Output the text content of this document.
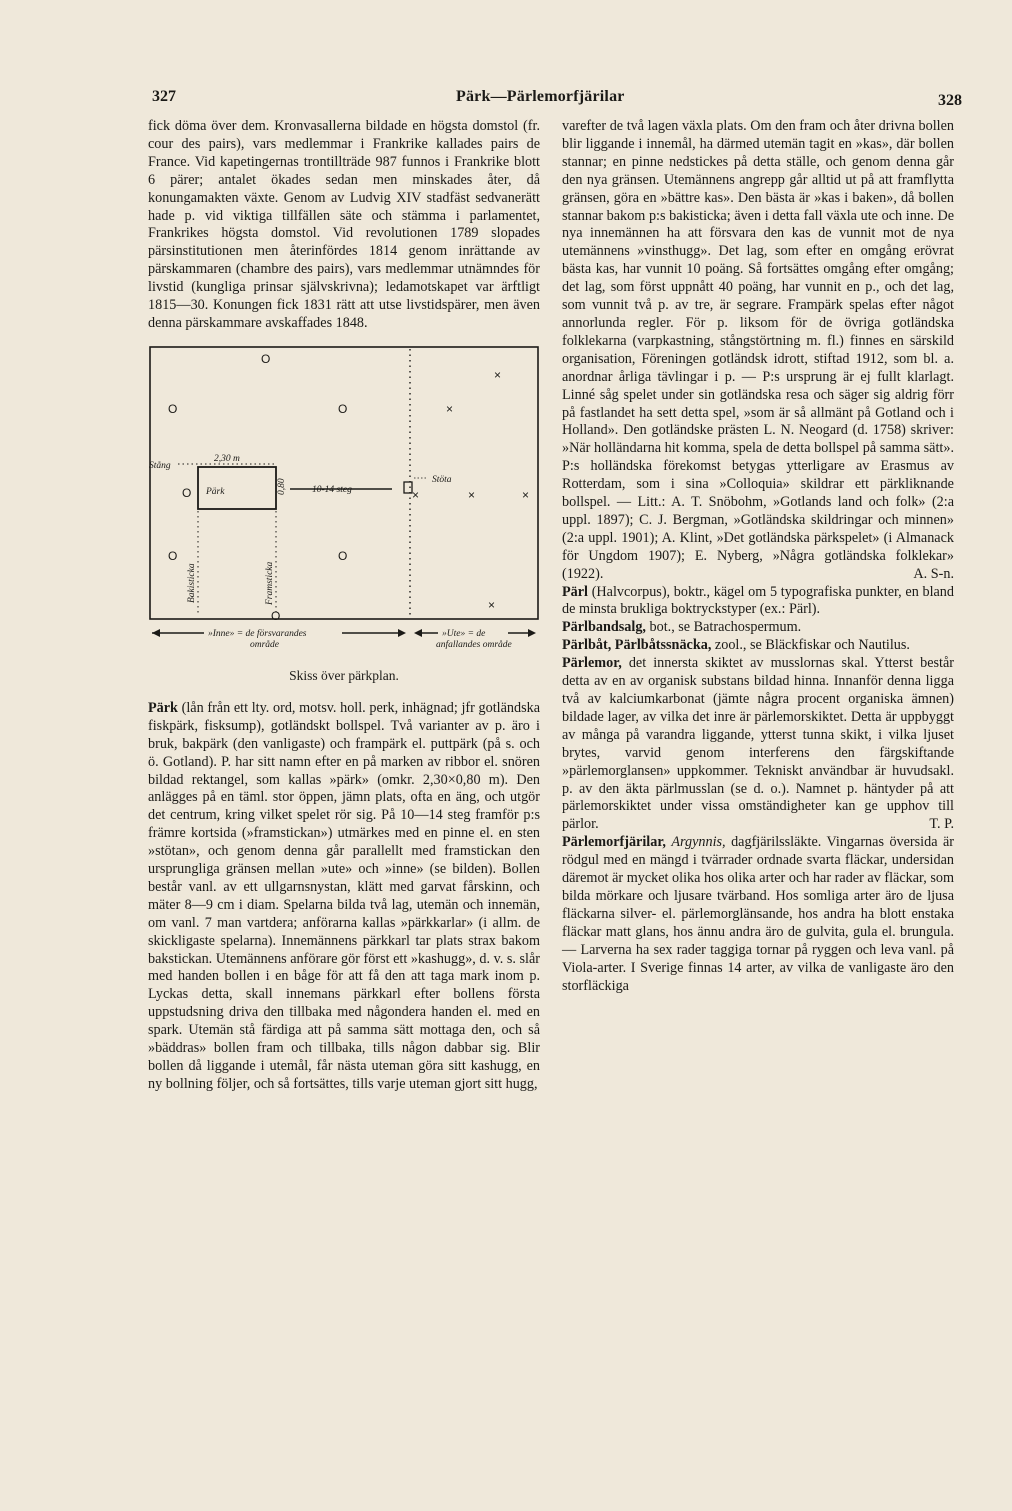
327	Pärk—Pärlemorfjärilar	328

fick döma över dem. Kronvasallerna bildade en högsta domstol (fr. cour des pairs), vars medlemmar i Frankrike kallades pairs de France. Vid kapetingernas trontillträde 987 funnos i Frankrike blott 6 pärer; antalet ökades sedan men minskades åter, då konungamakten växte. Genom av Ludvig XIV stadfäst sedvanerätt hade p. vid viktiga tillfällen säte och stämma i parlamentet, Frankrikes högsta domstol. Vid revolutionen 1789 slopades pärsinstitutionen men återinfördes 1814 genom inrättande av pärskammaren (chambre des pairs), vars medlemmar utnämndes för livstid (kungliga prinsar självskrivna); ledamotskapet var ärftligt 1815—30. Konungen fick 1831 rätt att utse livstidspärer, men även denna pärskammare avskaffades 1848.

Stång
2,30 m
0,80
Pärk	10-14 steg
Stöta
Bakisticka	Framsticka
O
O	O
O
O	O
O
×
×
×	×	×
×
»Inne» = de försvarandes
område
»Ute» = de
anfallandes område
Skiss över pärkplan.

Pärk (lån från ett lty. ord, motsv. holl. perk, inhägnad; jfr gotländska fiskpärk, fisksump), gotländskt bollspel. Två varianter av p. äro i bruk, bakpärk (den vanligaste) och frampärk el. puttpärk (på s. och ö. Gotland). P. har sitt namn efter en på marken av ribbor el. snören bildad rektangel, som kallas »pärk» (omkr. 2,30×0,80 m). Den anlägges på en täml. stor öppen, jämn plats, ofta en äng, och utgör det centrum, kring vilket spelet rör sig. På 10—14 steg framför p:s främre kortsida (»framstickan») utmärkes med en pinne el. en sten »stötan», och genom denna går parallellt med framstickan den ursprungliga gränsen mellan »ute» och »inne» (se bilden). Bollen består vanl. av ett ullgarnsnystan, klätt med garvat fårskinn, och mäter 8—9 cm i diam. Spelarna bilda två lag, utemän och innemän, om vanl. 7 man vartdera; anförarna kallas »pärkkarlar» (i allm. de skickligaste spelarna). Innemännens pärkkarl tar plats strax bakom bakstickan. Utemännens anförare gör först ett »kashugg», d. v. s. slår med handen bollen i en båge för att få den att taga mark inom p. Lyckas detta, skall innemans pärkkarl efter bollens första uppstudsning driva den tillbaka med någondera handen el. med en spark. Utemän stå färdiga att på samma sätt mottaga den, och så »bäddras» bollen fram och tillbaka, tills någon dabbar sig. Blir bollen då liggande i utemål, får nästa uteman göra sitt kashugg, en ny bollning följer, och så fortsättes, tills varje uteman gjort sitt hugg,

varefter de två lagen växla plats. Om den fram och åter drivna bollen blir liggande i innemål, ha därmed utemän tagit en »kas», där bollen stannar; en pinne nedstickes på detta ställe, och genom denna går den nya gränsen. Utemännens angrepp går alltid ut på att framflytta gränsen, göra en »bättre kas». Den bästa är »kas i baken», då bollen stannar bakom p:s bakisticka; även i detta fall växla ute och inne. De nya innemännen ha att försvara den kas de vunnit mot de nya utemännens »vinsthugg». Det lag, som efter en omgång erövrat bästa kas, har vunnit 10 poäng. Så fortsättes omgång efter omgång; det lag, som först uppnått 40 poäng, har vunnit en p., och det lag, som vunnit två p. av tre, är segrare. Frampärk spelas efter något annorlunda regler. För p. liksom för de övriga gotländska folklekarna (varpkastning, stångstörtning m. fl.) finnes en särskild organisation, Föreningen gotländsk idrott, stiftad 1912, som bl. a. anordnar årliga tävlingar i p. — P:s ursprung är ej fullt klarlagt. Linné såg spelet under sin gotländska resa och säger sig aldrig förr på fastlandet ha sett detta spel, »som är så allmänt på Gotland och i Holland». Den gotländske prästen L. N. Neogard (d. 1758) skriver: »När holländarna hit komma, spela de detta bollspel på samma sätt». P:s holländska förekomst betygas ytterligare av Erasmus av Rotterdam, som i sina »Colloquia» skildrar ett pärkliknande bollspel. — Litt.: A. T. Snöbohm, »Gotlands land och folk» (2:a uppl. 1897); C. J. Bergman, »Gotländska skildringar och minnen» (2:a uppl. 1901); A. Klint, »Det gotländska pärkspelet» (i Almanack för Ungdom 1907); E. Nyberg, »Några gotländska folklekar» (1922).	A. S-n.

Pärl (Halvcorpus), boktr., kägel om 5 typografiska punkter, en bland de minsta brukliga boktryckstyper (ex.: Pärl).

Pärlbandsalg, bot., se Batrachospermum.

Pärlbåt, Pärlbåtssnäcka, zool., se Bläckfiskar och Nautilus.

Pärlemor, det innersta skiktet av musslornas skal. Ytterst består detta av en av organisk substans bildad hinna. Innanför denna ligga två av kalciumkarbonat (jämte några procent organiska ämnen) bildade lager, av vilka det inre är pärlemorskiktet. Detta är uppbyggt av många på varandra liggande, ytterst tunna skikt, i vilka ljuset brytes, varvid genom interferens den färgskiftande »pärlemorglansen» uppkommer. Tekniskt användbar är huvudsakl. p. av den äkta pärlmusslan (se d. o.). Namnet p. häntyder på att pärlemorskiktet under vissa omständigheter kan ge upphov till pärlor.	T. P.

Pärlemorfjärilar, Argynnis, dagfjärilssläkte. Vingarnas översida är rödgul med en mängd i tvärrader ordnade svarta fläckar, undersidan däremot är mycket olika hos olika arter och har rader av fläckar, som bilda mörkare och ljusare tvärband. Hos somliga arter äro de ljusa fläckarna silver- el. pärlemorglänsande, hos andra ha blott enstaka fläckar matt glans, hos ännu andra äro de gulvita, gula el. brungula. — Larverna ha sex rader taggiga tornar på ryggen och leva vanl. på Viola-arter. I Sverige finnas 14 arter, av vilka de vanligaste äro den storfläckiga
